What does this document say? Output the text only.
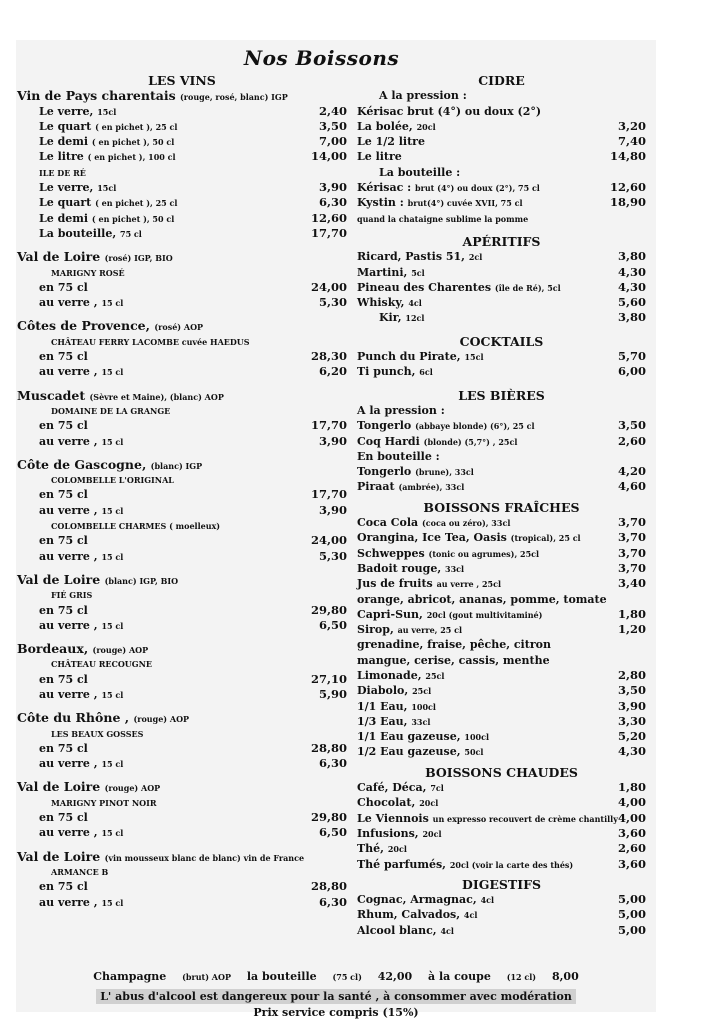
Nos Boissons
LES VINS
Vin de Pays charentais (rouge, rosé, blanc) IGP
Le verre, 15cl	2,40
Le quart ( en pichet ), 25 cl	3,50
Le demi ( en pichet ), 50 cl	7,00
Le litre ( en pichet ), 100 cl	14,00
ILE DE RÉ
Le verre, 15cl	3,90
Le quart ( en pichet ), 25 cl	6,30
Le demi ( en pichet ), 50 cl	12,60
La bouteille, 75 cl	17,70
Val de Loire (rosé) IGP, BIO
MARIGNY ROSÉ
en 75 cl	24,00
au verre , 15 cl	5,30
Côtes de Provence, (rosé) AOP
CHÂTEAU FERRY LACOMBE cuvée HAEDUS
en 75 cl	28,30
au verre , 15 cl	6,20
Muscadet (Sèvre et Maine), (blanc) AOP
DOMAINE DE LA GRANGE
en 75 cl	17,70
au verre , 15 cl	3,90
Côte de Gascogne, (blanc) IGP
COLOMBELLE L'ORIGINAL
en 75 cl	17,70
au verre , 15 cl	3,90
COLOMBELLE CHARMES ( moelleux)
en 75 cl	24,00
au verre , 15 cl	5,30
Val de Loire (blanc) IGP, BIO
FIÉ GRIS
en 75 cl	29,80
au verre , 15 cl	6,50
Bordeaux, (rouge) AOP
CHÂTEAU RECOUGNE
en 75 cl	27,10
au verre , 15 cl	5,90
Côte du Rhône , (rouge) AOP
LES BEAUX GOSSES
en 75 cl	28,80
au verre , 15 cl	6,30
Val de Loire (rouge) AOP
MARIGNY PINOT NOIR
en 75 cl	29,80
au verre , 15 cl	6,50
Val de Loire (vin mousseux blanc de blanc) vin de France
ARMANCE B
en 75 cl	28,80
au verre , 15 cl	6,30
CIDRE
A la pression :
Kérisac brut (4°) ou doux (2°)
La bolée, 20cl	3,20
Le 1/2 litre	7,40
Le litre	14,80
La bouteille :
Kérisac : brut (4°) ou doux (2°), 75 cl	12,60
Kystin : brut(4°) cuvée XVII, 75 cl	18,90
quand la chataigne sublime la pomme
APÉRITIFS
Ricard, Pastis 51, 2cl	3,80
Martini, 5cl	4,30
Pineau des Charentes (île de Ré), 5cl	4,30
Whisky, 4cl	5,60
Kir, 12cl	3,80
COCKTAILS
Punch du Pirate, 15cl	5,70
Ti punch, 6cl	6,00
LES BIÈRES
A la pression :
Tongerlo (abbaye blonde) (6°), 25 cl	3,50
Coq Hardi (blonde) (5,7°) , 25cl	2,60
En bouteille :
Tongerlo (brune), 33cl	4,20
Piraat (ambrée), 33cl	4,60
BOISSONS FRAÎCHES
Coca Cola (coca ou zéro), 33cl	3,70
Orangina, Ice Tea, Oasis (tropical), 25 cl	3,70
Schweppes (tonic ou agrumes), 25cl	3,70
Badoit rouge, 33cl	3,70
Jus de fruits au verre , 25cl	3,40
orange, abricot, ananas, pomme, tomate
Capri-Sun, 20cl (gout multivitaminé)	1,80
Sirop, au verre, 25 cl	1,20
grenadine, fraise, pêche, citron
mangue, cerise, cassis, menthe
Limonade, 25cl	2,80
Diabolo, 25cl	3,50
1/1 Eau, 100cl	3,90
1/3 Eau, 33cl	3,30
1/1 Eau gazeuse, 100cl	5,20
1/2 Eau gazeuse, 50cl	4,30
BOISSONS CHAUDES
Café, Déca, 7cl	1,80
Chocolat, 20cl	4,00
Le Viennois un expresso recouvert de crème chantilly 4,00
Infusions, 20cl	3,60
Thé, 20cl	2,60
Thé parfumés, 20cl (voir la carte des thés)	3,60
DIGESTIFS
Cognac, Armagnac, 4cl	5,00
Rhum, Calvados, 4cl	5,00
Alcool blanc, 4cl	5,00
Champagne (brut) AOP la bouteille (75 cl) 42,00 à la coupe (12 cl) 8,00
L' abus d'alcool est dangereux pour la santé , à consommer avec modération
Prix service compris (15%)
